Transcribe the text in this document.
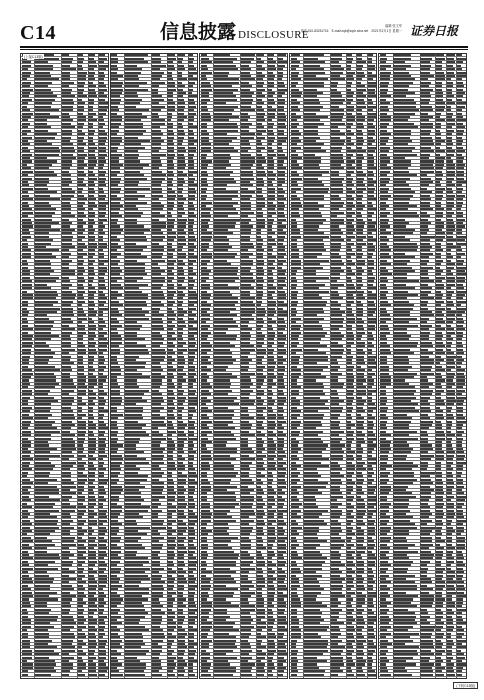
C14	信息披露 DISCLOSURE
编辑 张文军
电话:010-83251716　E-mail:zqb@zqrb.sina.net　2021年2月1日 星期一 证券日报
(上接C13版)
(下转C15版)
